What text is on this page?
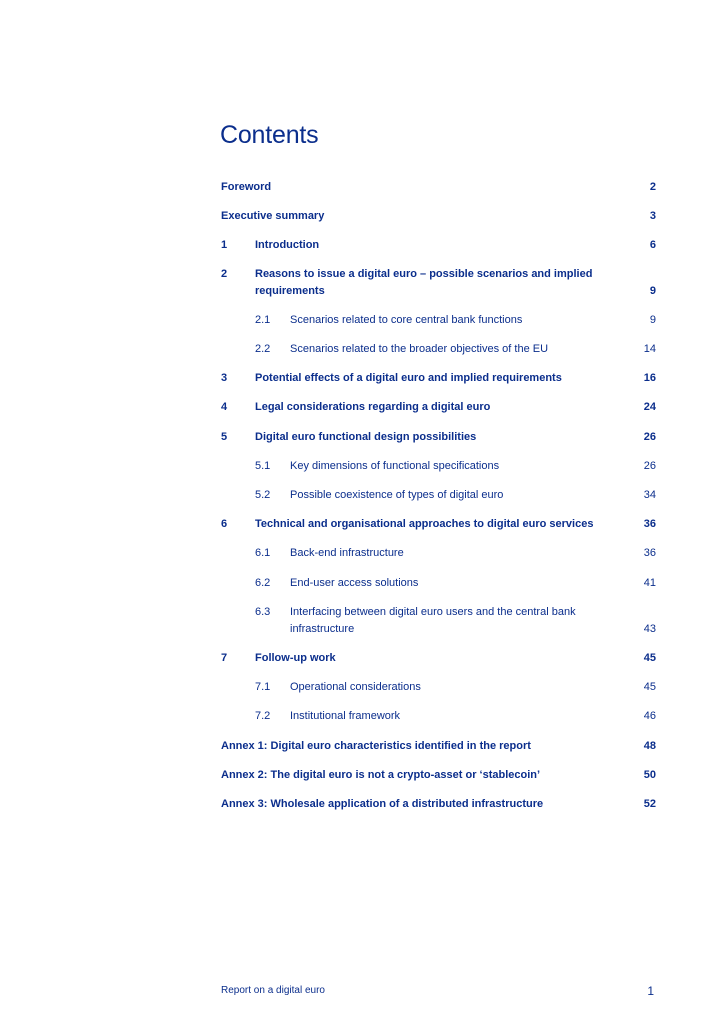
Contents
Foreword	2
Executive summary	3
1	Introduction	6
2	Reasons to issue a digital euro – possible scenarios and implied requirements	9
2.1 Scenarios related to core central bank functions	9
2.2 Scenarios related to the broader objectives of the EU	14
3	Potential effects of a digital euro and implied requirements	16
4	Legal considerations regarding a digital euro	24
5	Digital euro functional design possibilities	26
5.1 Key dimensions of functional specifications	26
5.2 Possible coexistence of types of digital euro	34
6	Technical and organisational approaches to digital euro services	36
6.1 Back-end infrastructure	36
6.2 End-user access solutions	41
6.3 Interfacing between digital euro users and the central bank infrastructure	43
7	Follow-up work	45
7.1 Operational considerations	45
7.2 Institutional framework	46
Annex 1: Digital euro characteristics identified in the report	48
Annex 2: The digital euro is not a crypto-asset or ‘stablecoin’	50
Annex 3: Wholesale application of a distributed infrastructure	52
Report on a digital euro	1
